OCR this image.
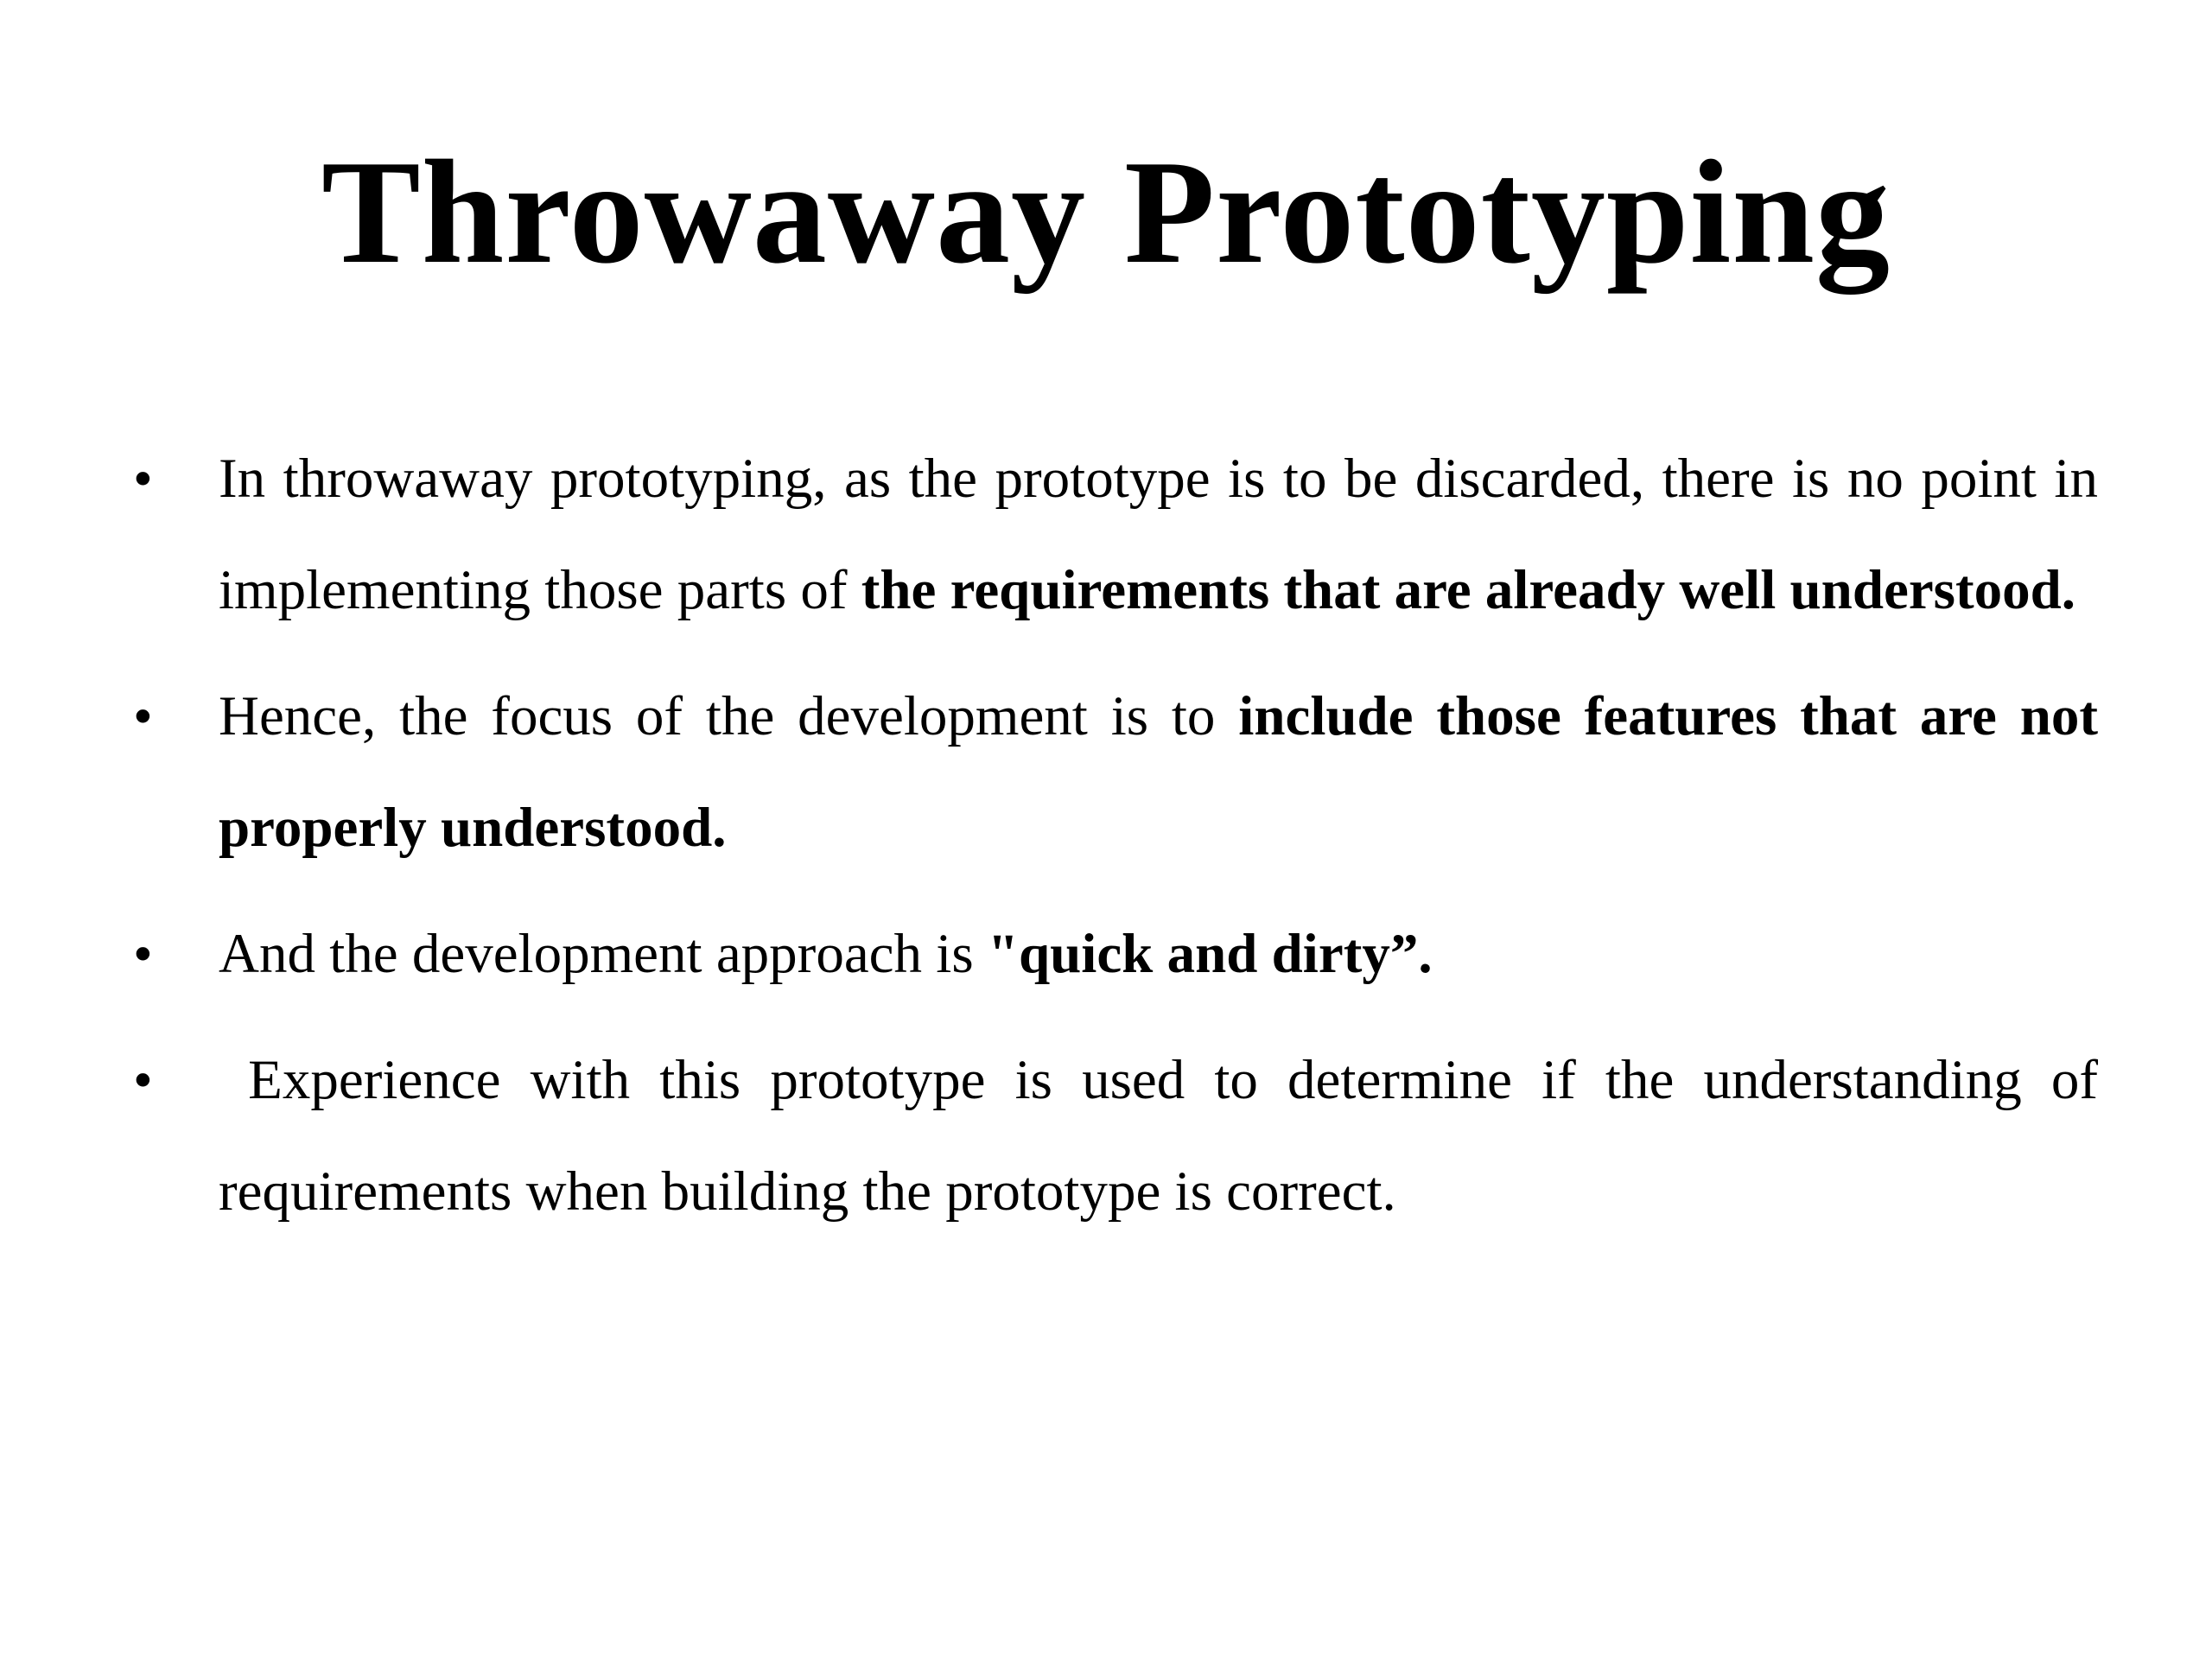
Throwaway Prototyping
• In throwaway prototyping, as the prototype is to be discarded, there is no point in implementing those parts of the requirements that are already well understood.
• Hence, the focus of the development is to include those features that are not properly understood.
• And the development approach is "quick and dirty”.
• Experience with this prototype is used to determine if the understanding of requirements when building the prototype is correct.
